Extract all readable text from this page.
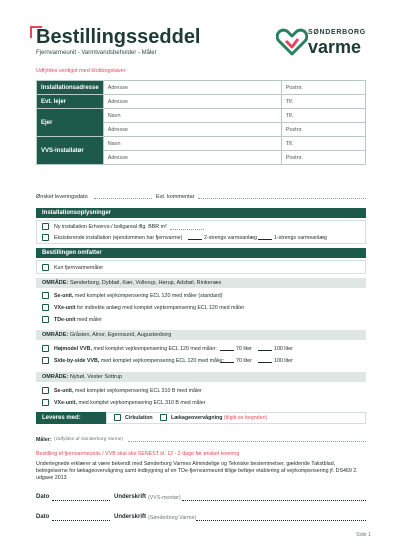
Bestillingsseddel
Fjernvarmeunit - Varmtvandsbeholder - Måler
SØNDERBORG
varme
Udfyldes venligst med blokbogstaver
Installationsadresse	Adresse	Postnr.
Evt. lejer	Adresse	Tlf.
Ejer	Navn	Tlf.
	Adresse	Postnr.
VVS-installatør	Navn	Tlf.
	Adresse	Postnr.
Ønsket leveringsdato	Evt. kommentar
Installationsoplysninger
Ny installation Erhvervs-/ boligareal iflg. BBR m²
Eksisterende installation (ejendommen har fjernvarme)	2-strengs varmeanlæg	1-strengs varmeanlæg
Bestillingen omfatter
Kun fjernvarmemåler
OMRÅDE: Sønderborg, Dybbøl, Kær, Vollerup, Hørup, Adsbøl, Rinkenæs
Se-unit, med komplet vejrkompensering ECL 120 med måler (standard)
VXe-unit for indirekte anlæg med komplet vejrkompensering ECL 120 med måler
TDe-unit med måler
OMRÅDE: Gråsten, Alnor, Egernsund, Augustenborg
Højmodel VVB, med komplet vejrkompensering ECL 120 med måler:	70 liter	100 liter
Side-by-side VVB, med komplet vejrkompensering ECL 120 med måler: 70 liter	100 liter
OMRÅDE: Nybøl, Vester Sottrup
Se-unit, med komplet vejrkompensering ECL 310 B med måler
VXe-unit, med komplet vejrkompensering ECL 310 B med måler
Leveres med:	Cirkulation	Lækageovervågning (tilgiit se begnden)
Måler: (Udfyldes af Sønderborg Varme)
Bestilling af fjernvarmeunits / VVB skal ske SENEST kl. 12 - 2 dage før ønsket levering
Undertegnede erklærer at være bekendt med Sønderborg Varmes Almindelige og Tekniske bestemmelser, gældende Takstblad, betingelserne for lækageovervågning samt indbygning af en TDe-fjernvarmeunit tillige beføjer etablering af vejrkompensering jf. DS469 2. udgave 2013
Dato	Underskrift (VVS-montør)
Dato	Underskrift (Sønderborg Varme)
Side 1
